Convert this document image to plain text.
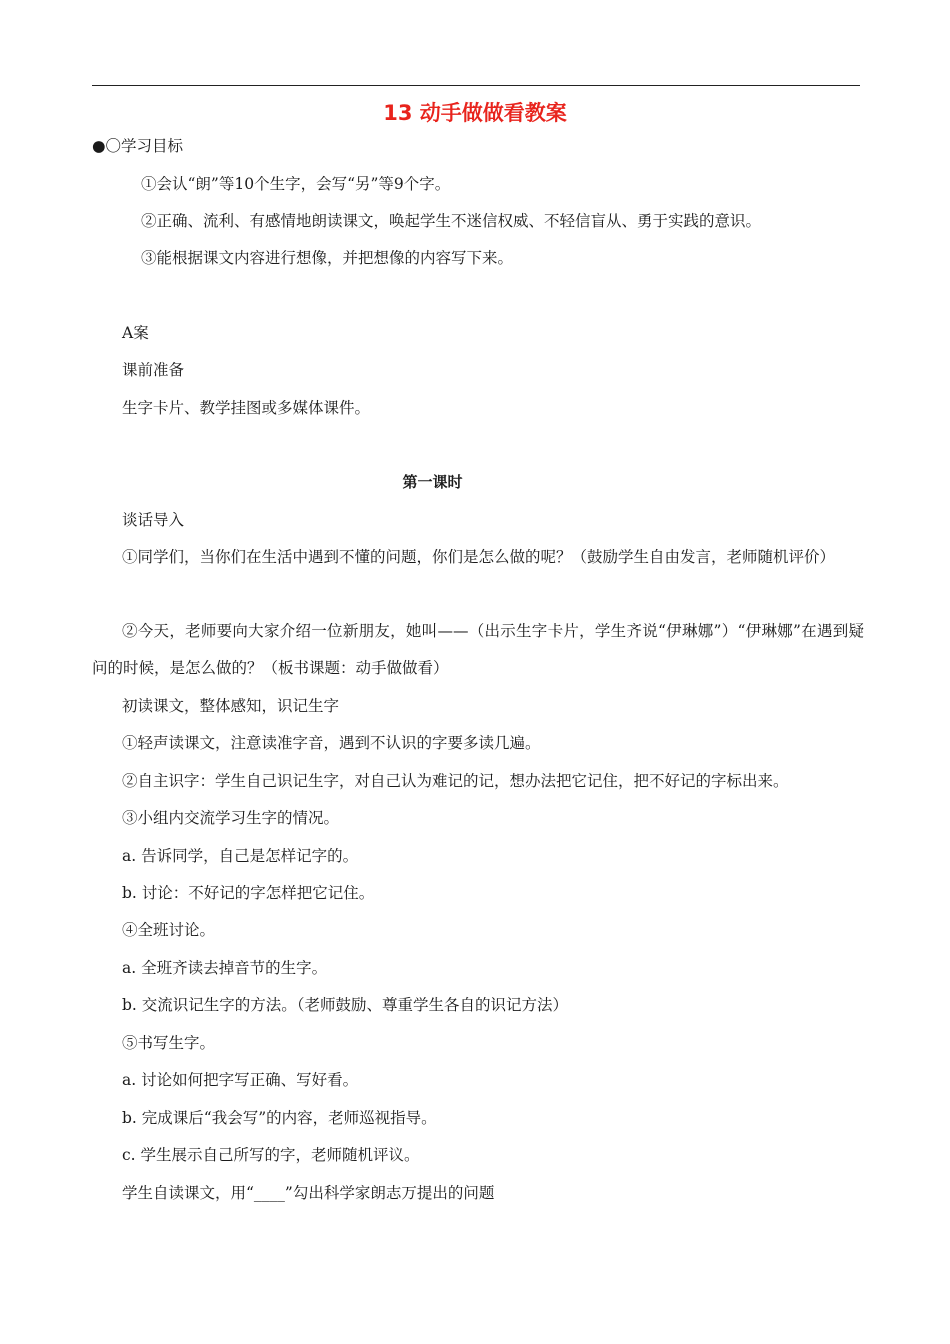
13 动手做做看教案
●〇学习目标
①会认“朗”等10个生字，会写“另”等9个字。
②正确、流利、有感情地朗读课文，唤起学生不迷信权威、不轻信盲从、勇于实践的意识。
③能根据课文内容进行想像，并把想像的内容写下来。
A案
课前准备
生字卡片、教学挂图或多媒体课件。
第一课时
谈话导入
①同学们，当你们在生活中遇到不懂的问题，你们是怎么做的呢？（鼓励学生自由发言，老师随机评价）
②今天，老师要向大家介绍一位新朋友，她叫——（出示生字卡片，学生齐说“伊琳娜”）“伊琳娜”在遇到疑问的时候，是怎么做的？（板书课题：动手做做看）
初读课文，整体感知，识记生字
①轻声读课文，注意读准字音，遇到不认识的字要多读几遍。
②自主识字：学生自己识记生字，对自己认为难记的记，想办法把它记住，把不好记的字标出来。
③小组内交流学习生字的情况。
a. 告诉同学，自己是怎样记字的。
b. 讨论：不好记的字怎样把它记住。
④全班讨论。
a. 全班齐读去掉音节的生字。
b. 交流识记生字的方法。（老师鼓励、尊重学生各自的识记方法）
⑤书写生字。
a. 讨论如何把字写正确、写好看。
b. 完成课后“我会写”的内容，老师巡视指导。
c. 学生展示自己所写的字，老师随机评议。
学生自读课文，用“____”勾出科学家朗志万提出的问题
